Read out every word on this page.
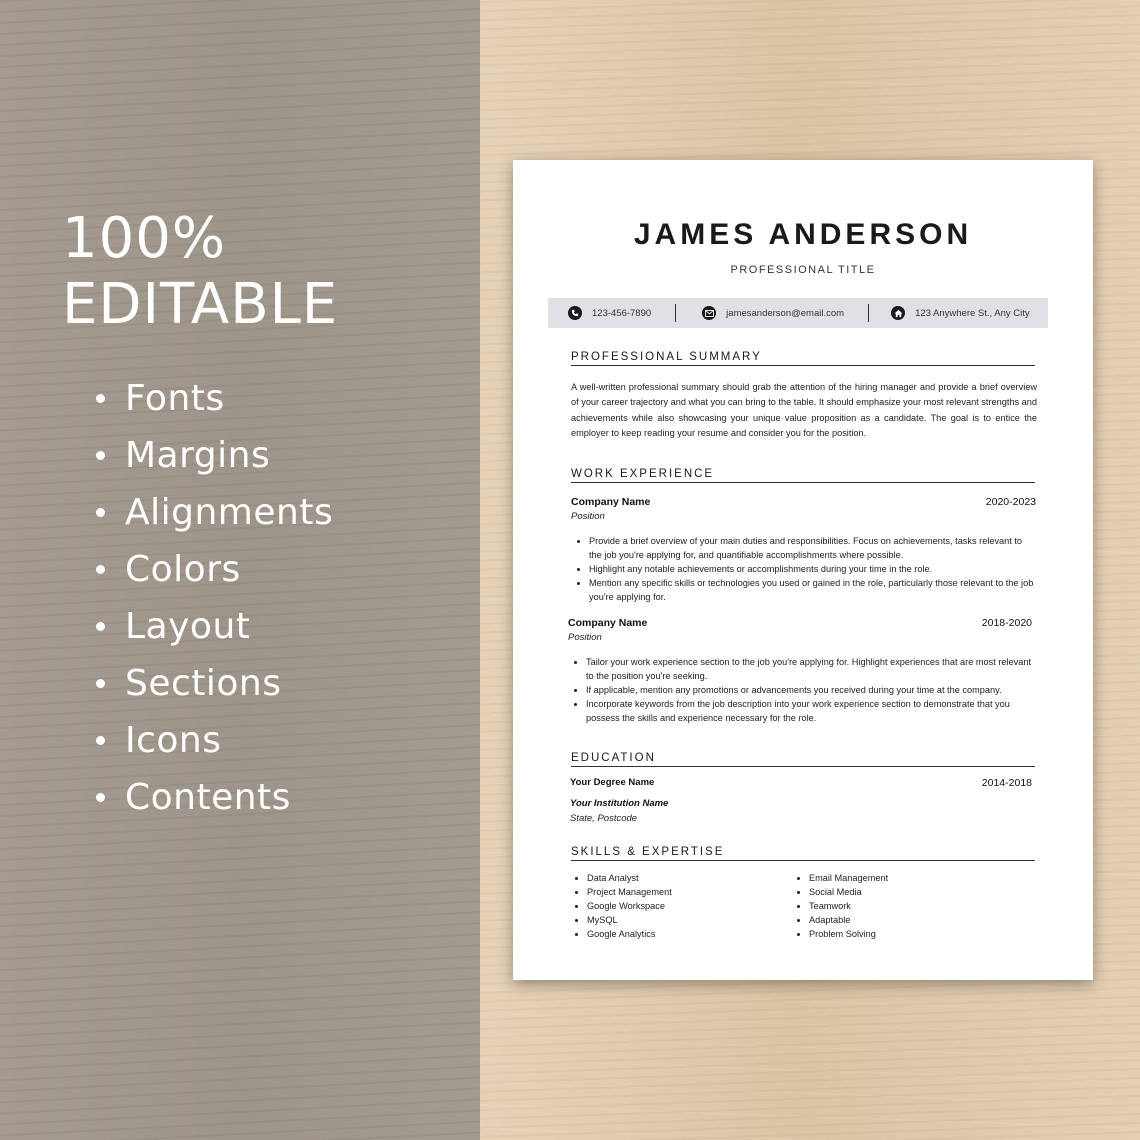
100%
EDITABLE
Fonts
Margins
Alignments
Colors
Layout
Sections
Icons
Contents
JAMES ANDERSON
PROFESSIONAL TITLE
123-456-7890	jamesanderson@email.com	123 Anywhere St., Any City
PROFESSIONAL SUMMARY
A well-written professional summary should grab the attention of the hiring manager and provide a brief overview of your career trajectory and what you can bring to the table. It should emphasize your most relevant strengths and achievements while also showcasing your unique value proposition as a candidate. The goal is to entice the employer to keep reading your resume and consider you for the position.
WORK EXPERIENCE
Company Name	2020-2023
Position
• Provide a brief overview of your main duties and responsibilities. Focus on achievements, tasks relevant to the job you're applying for, and quantifiable accomplishments where possible.
• Highlight any notable achievements or accomplishments during your time in the role.
• Mention any specific skills or technologies you used or gained in the role, particularly those relevant to the job you're applying for.
Company Name	2018-2020
Position
• Tailor your work experience section to the job you're applying for. Highlight experiences that are most relevant to the position you're seeking.
• If applicable, mention any promotions or advancements you received during your time at the company.
• Incorporate keywords from the job description into your work experience section to demonstrate that you possess the skills and experience necessary for the role.
EDUCATION
Your Degree Name	2014-2018
Your Institution Name
State, Postcode
SKILLS & EXPERTISE
• Data Analyst
• Project Management
• Google Workspace
• MySQL
• Google Analytics
• Email Management
• Social Media
• Teamwork
• Adaptable
• Problem Solving
